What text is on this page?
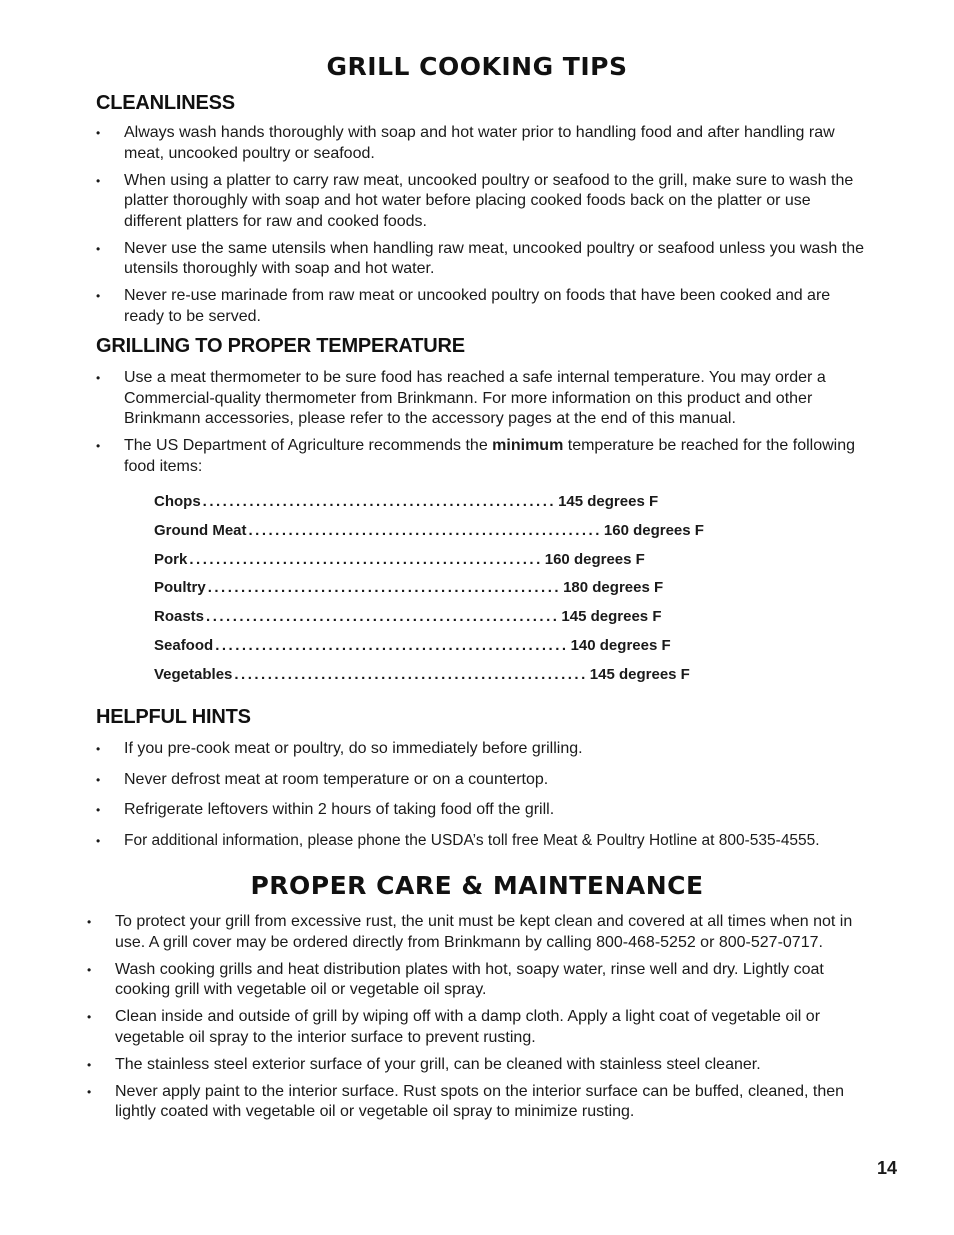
GRILL COOKING TIPS
CLEANLINESS
• Always wash hands thoroughly with soap and hot water prior to handling food and after handling raw meat, uncooked poultry or seafood.
• When using a platter to carry raw meat, uncooked poultry or seafood to the grill, make sure to wash the platter thoroughly with soap and hot water before placing cooked foods back on the platter or use different platters for raw and cooked foods.
• Never use the same utensils when handling raw meat, uncooked poultry or seafood unless you wash the utensils thoroughly with soap and hot water.
• Never re-use marinade from raw meat or uncooked poultry on foods that have been cooked and are ready to be served.
GRILLING TO PROPER TEMPERATURE
• Use a meat thermometer to be sure food has reached a safe internal temperature. You may order a Commercial-quality thermometer from Brinkmann. For more information on this product and other Brinkmann accessories, please refer to the accessory pages at the end of this manual.
• The US Department of Agriculture recommends the minimum temperature be reached for the following food items:
Chops ..................................................... 145 degrees F
Ground Meat ..................................................... 160 degrees F
Pork ..................................................... 160 degrees F
Poultry ..................................................... 180 degrees F
Roasts ..................................................... 145 degrees F
Seafood ..................................................... 140 degrees F
Vegetables ..................................................... 145 degrees F
HELPFUL HINTS
• If you pre-cook meat or poultry, do so immediately before grilling.
• Never defrost meat at room temperature or on a countertop.
• Refrigerate leftovers within 2 hours of taking food off the grill.
• For additional information, please phone the USDA’s toll free Meat & Poultry Hotline at 800-535-4555.
PROPER CARE & MAINTENANCE
• To protect your grill from excessive rust, the unit must be kept clean and covered at all times when not in use. A grill cover may be ordered directly from Brinkmann by calling 800-468-5252 or 800-527-0717.
• Wash cooking grills and heat distribution plates with hot, soapy water, rinse well and dry. Lightly coat cooking grill with vegetable oil or vegetable oil spray.
• Clean inside and outside of grill by wiping off with a damp cloth. Apply a light coat of vegetable oil or vegetable oil spray to the interior surface to prevent rusting.
• The stainless steel exterior surface of your grill, can be cleaned with stainless steel cleaner.
• Never apply paint to the interior surface. Rust spots on the interior surface can be buffed, cleaned, then lightly coated with vegetable oil or vegetable oil spray to minimize rusting.
14
